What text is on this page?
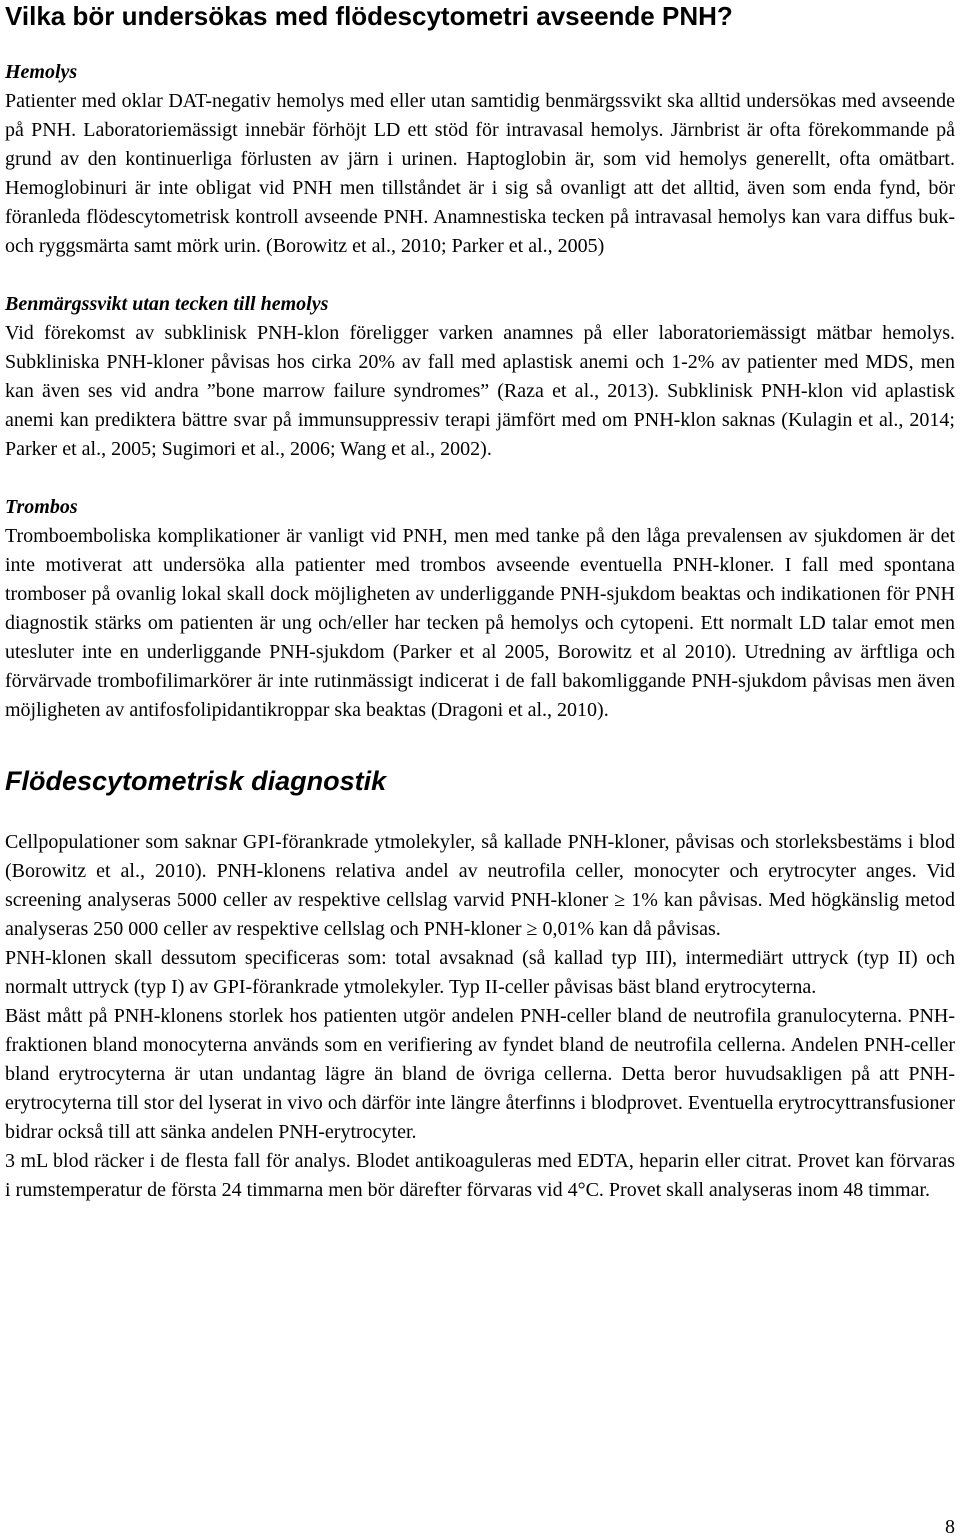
Vilka bör undersökas med flödescytometri avseende PNH?
Hemolys

Patienter med oklar DAT-negativ hemolys med eller utan samtidig benmärgssvikt ska alltid undersökas med avseende på PNH. Laboratoriemässigt innebär förhöjt LD ett stöd för intravasal hemolys. Järnbrist är ofta förekommande på grund av den kontinuerliga förlusten av järn i urinen. Haptoglobin är, som vid hemolys generellt, ofta omätbart. Hemoglobinuri är inte obligat vid PNH men tillståndet är i sig så ovanligt att det alltid, även som enda fynd, bör föranleda flödescytometrisk kontroll avseende PNH. Anamnestiska tecken på intravasal hemolys kan vara diffus buk- och ryggsmärta samt mörk urin. (Borowitz et al., 2010; Parker et al., 2005)

Benmärgssvikt utan tecken till hemolys

Vid förekomst av subklinisk PNH-klon föreligger varken anamnes på eller laboratoriemässigt mätbar hemolys. Subkliniska PNH-kloner påvisas hos cirka 20% av fall med aplastisk anemi och 1-2% av patienter med MDS, men kan även ses vid andra ”bone marrow failure syndromes” (Raza et al., 2013). Subklinisk PNH-klon vid aplastisk anemi kan prediktera bättre svar på immunsuppressiv terapi jämfört med om PNH-klon saknas (Kulagin et al., 2014; Parker et al., 2005; Sugimori et al., 2006; Wang et al., 2002).

Trombos

Tromboemboliska komplikationer är vanligt vid PNH, men med tanke på den låga prevalensen av sjukdomen är det inte motiverat att undersöka alla patienter med trombos avseende eventuella PNH-kloner. I fall med spontana tromboser på ovanlig lokal skall dock möjligheten av underliggande PNH-sjukdom beaktas och indikationen för PNH diagnostik stärks om patienten är ung och/eller har tecken på hemolys och cytopeni. Ett normalt LD talar emot men utesluter inte en underliggande PNH-sjukdom (Parker et al 2005, Borowitz et al 2010). Utredning av ärftliga och förvärvade trombofilimarkörer är inte rutinmässigt indicerat i de fall bakomliggande PNH-sjukdom påvisas men även möjligheten av antifosfolipidantikroppar ska beaktas (Dragoni et al., 2010).

Flödescytometrisk diagnostik

Cellpopulationer som saknar GPI-förankrade ytmolekyler, så kallade PNH-kloner, påvisas och storleksbestäms i blod (Borowitz et al., 2010). PNH-klonens relativa andel av neutrofila celler, monocyter och erytrocyter anges. Vid screening analyseras 5000 celler av respektive cellslag varvid PNH-kloner ≥ 1% kan påvisas. Med högkänslig metod analyseras 250 000 celler av respektive cellslag och PNH-kloner ≥ 0,01% kan då påvisas.

PNH-klonen skall dessutom specificeras som: total avsaknad (så kallad typ III), intermediärt uttryck (typ II) och normalt uttryck (typ I) av GPI-förankrade ytmolekyler. Typ II-celler påvisas bäst bland erytrocyterna.

Bäst mått på PNH-klonens storlek hos patienten utgör andelen PNH-celler bland de neutrofila granulocyterna. PNH-fraktionen bland monocyterna används som en verifiering av fyndet bland de neutrofila cellerna. Andelen PNH-celler bland erytrocyterna är utan undantag lägre än bland de övriga cellerna. Detta beror huvudsakligen på att PNH-erytrocyterna till stor del lyserat in vivo och därför inte längre återfinns i blodprovet. Eventuella erytrocyttransfusioner bidrar också till att sänka andelen PNH-erytrocyter.

3 mL blod räcker i de flesta fall för analys. Blodet antikoaguleras med EDTA, heparin eller citrat. Provet kan förvaras i rumstemperatur de första 24 timmarna men bör därefter förvaras vid 4°C. Provet skall analyseras inom 48 timmar.

8
